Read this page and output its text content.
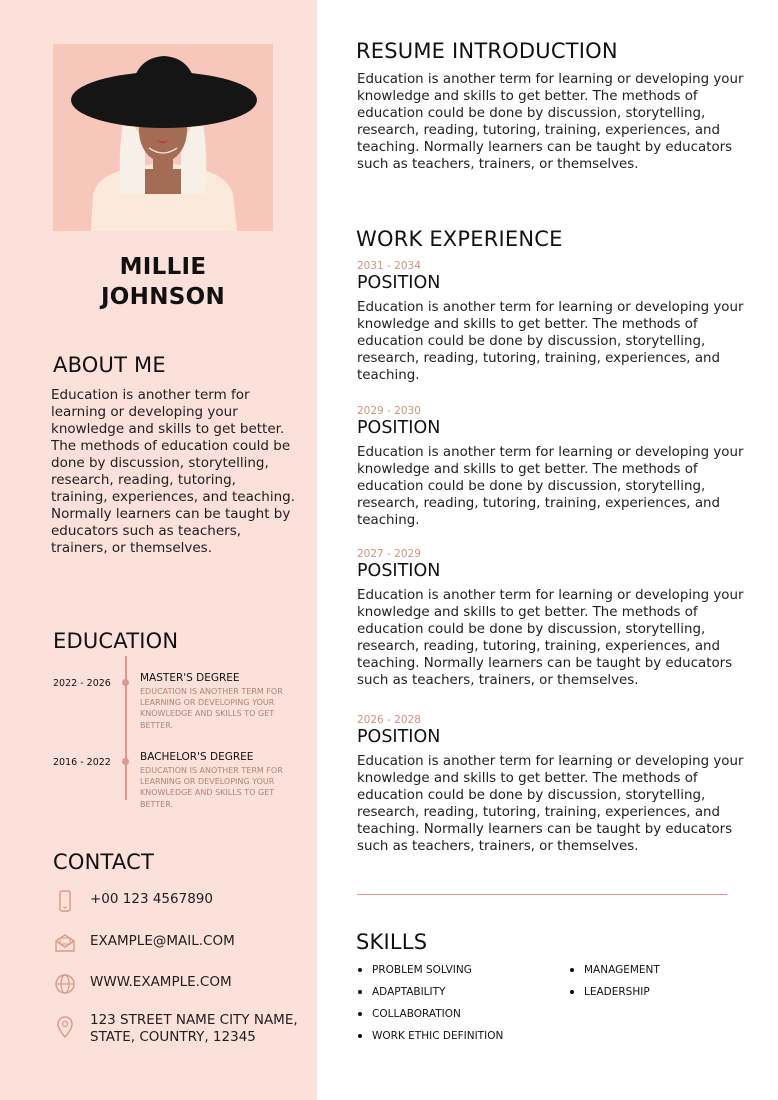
MILLIE
JOHNSON
ABOUT ME
Education is another term for learning or developing your knowledge and skills to get better. The methods of education could be done by discussion, storytelling, research, reading, tutoring, training, experiences, and teaching. Normally learners can be taught by educators such as teachers, trainers, or themselves.
EDUCATION
2022 - 2026	MASTER'S DEGREE
EDUCATION IS ANOTHER TERM FOR LEARNING OR DEVELOPING YOUR KNOWLEDGE AND SKILLS TO GET BETTER.
2016 - 2022	BACHELOR'S DEGREE
EDUCATION IS ANOTHER TERM FOR LEARNING OR DEVELOPING YOUR KNOWLEDGE AND SKILLS TO GET BETTER.
CONTACT
+00 123 4567890
EXAMPLE@MAIL.COM
WWW.EXAMPLE.COM
123 STREET NAME CITY NAME,
STATE, COUNTRY, 12345
RESUME INTRODUCTION
Education is another term for learning or developing your knowledge and skills to get better. The methods of education could be done by discussion, storytelling, research, reading, tutoring, training, experiences, and teaching. Normally learners can be taught by educators such as teachers, trainers, or themselves.
WORK EXPERIENCE
2031 - 2034
POSITION
Education is another term for learning or developing your knowledge and skills to get better. The methods of education could be done by discussion, storytelling, research, reading, tutoring, training, experiences, and teaching.
2029 - 2030
POSITION
Education is another term for learning or developing your knowledge and skills to get better. The methods of education could be done by discussion, storytelling, research, reading, tutoring, training, experiences, and teaching.
2027 - 2029
POSITION
Education is another term for learning or developing your knowledge and skills to get better. The methods of education could be done by discussion, storytelling, research, reading, tutoring, training, experiences, and teaching. Normally learners can be taught by educators such as teachers, trainers, or themselves.
2026 - 2028
POSITION
Education is another term for learning or developing your knowledge and skills to get better. The methods of education could be done by discussion, storytelling, research, reading, tutoring, training, experiences, and teaching. Normally learners can be taught by educators such as teachers, trainers, or themselves.
SKILLS
PROBLEM SOLVING
ADAPTABILITY
COLLABORATION
WORK ETHIC DEFINITION
MANAGEMENT
LEADERSHIP
